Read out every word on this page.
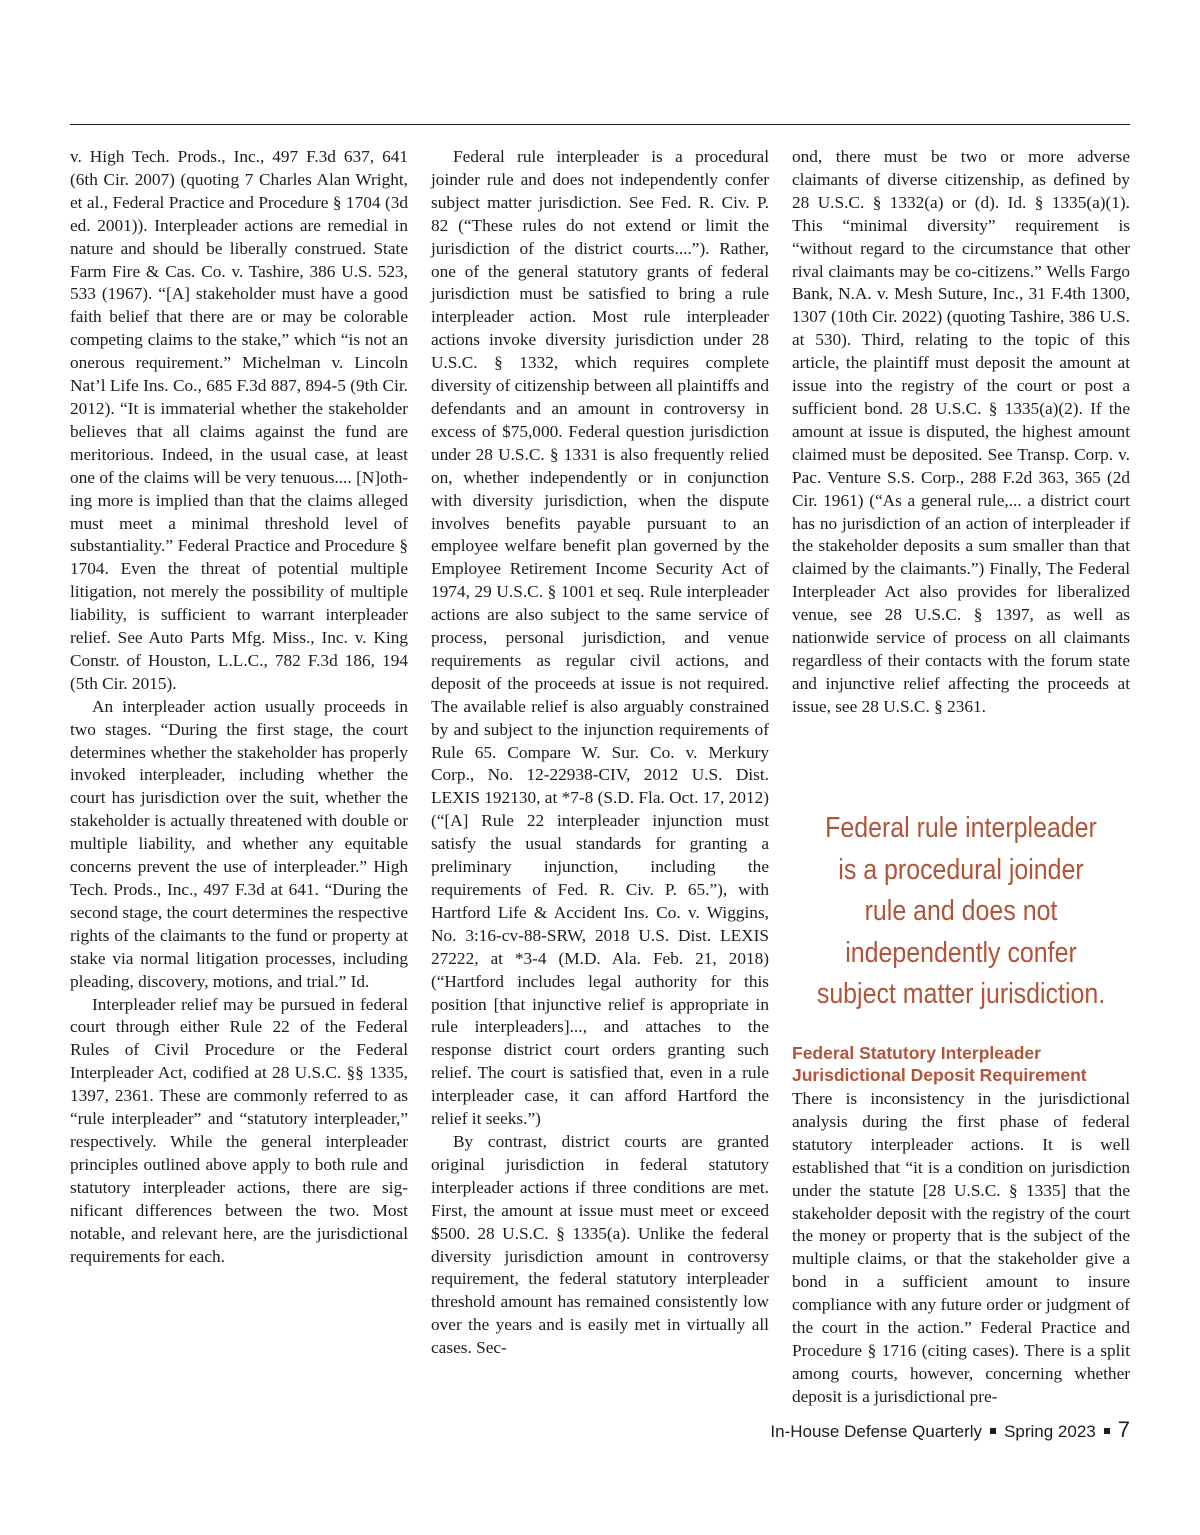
v. High Tech. Prods., Inc., 497 F.3d 637, 641 (6th Cir. 2007) (quoting 7 Charles Alan Wright, et al., Federal Practice and Procedure § 1704 (3d ed. 2001)). Interpleader actions are remedial in nature and should be liberally construed. State Farm Fire & Cas. Co. v. Tashire, 386 U.S. 523, 533 (1967). “[A] stakeholder must have a good faith belief that there are or may be colorable competing claims to the stake,” which “is not an onerous requirement.” Michelman v. Lincoln Nat’l Life Ins. Co., 685 F.3d 887, 894-5 (9th Cir. 2012). “It is immaterial whether the stakeholder believes that all claims against the fund are meritorious. Indeed, in the usual case, at least one of the claims will be very tenuous.... [N]othing more is implied than that the claims alleged must meet a minimal threshold level of substantiality.” Federal Practice and Procedure § 1704. Even the threat of potential multiple litigation, not merely the possibility of multiple liability, is sufficient to warrant interpleader relief. See Auto Parts Mfg. Miss., Inc. v. King Constr. of Houston, L.L.C., 782 F.3d 186, 194 (5th Cir. 2015).

An interpleader action usually proceeds in two stages. “During the first stage, the court determines whether the stakeholder has properly invoked interpleader, including whether the court has jurisdiction over the suit, whether the stakeholder is actually threatened with double or multiple liability, and whether any equitable concerns prevent the use of interpleader.” High Tech. Prods., Inc., 497 F.3d at 641. “During the second stage, the court determines the respective rights of the claimants to the fund or property at stake via normal litigation processes, including pleading, discovery, motions, and trial.” Id.

Interpleader relief may be pursued in federal court through either Rule 22 of the Federal Rules of Civil Procedure or the Federal Interpleader Act, codified at 28 U.S.C. §§ 1335, 1397, 2361. These are commonly referred to as “rule interpleader” and “statutory interpleader,” respectively. While the general interpleader principles outlined above apply to both rule and statutory interpleader actions, there are significant differences between the two. Most notable, and relevant here, are the jurisdictional requirements for each.

Federal rule interpleader is a procedural joinder rule and does not independently confer subject matter jurisdiction. See Fed. R. Civ. P. 82 (“These rules do not extend or limit the jurisdiction of the district courts....”). Rather, one of the general statutory grants of federal jurisdiction must be satisfied to bring a rule interpleader action. Most rule interpleader actions invoke diversity jurisdiction under 28 U.S.C. § 1332, which requires complete diversity of citizenship between all plaintiffs and defendants and an amount in controversy in excess of $75,000. Federal question jurisdiction under 28 U.S.C. § 1331 is also frequently relied on, whether independently or in conjunction with diversity jurisdiction, when the dispute involves benefits payable pursuant to an employee welfare benefit plan governed by the Employee Retirement Income Security Act of 1974, 29 U.S.C. § 1001 et seq. Rule interpleader actions are also subject to the same service of process, personal jurisdiction, and venue requirements as regular civil actions, and deposit of the proceeds at issue is not required. The available relief is also arguably constrained by and subject to the injunction requirements of Rule 65. Compare W. Sur. Co. v. Merkury Corp., No. 12-22938-CIV, 2012 U.S. Dist. LEXIS 192130, at *7-8 (S.D. Fla. Oct. 17, 2012) (“[A] Rule 22 interpleader injunction must satisfy the usual standards for granting a preliminary injunction, including the requirements of Fed. R. Civ. P. 65.”), with Hartford Life & Accident Ins. Co. v. Wiggins, No. 3:16-cv-88-SRW, 2018 U.S. Dist. LEXIS 27222, at *3-4 (M.D. Ala. Feb. 21, 2018) (“Hartford includes legal authority for this position [that injunctive relief is appropriate in rule interpleaders]..., and attaches to the response district court orders granting such relief. The court is satisfied that, even in a rule interpleader case, it can afford Hartford the relief it seeks.”)

By contrast, district courts are granted original jurisdiction in federal statutory interpleader actions if three conditions are met. First, the amount at issue must meet or exceed $500. 28 U.S.C. § 1335(a). Unlike the federal diversity jurisdiction amount in controversy requirement, the federal statutory interpleader threshold amount has remained consistently low over the years and is easily met in virtually all cases. Sec-

ond, there must be two or more adverse claimants of diverse citizenship, as defined by 28 U.S.C. § 1332(a) or (d). Id. § 1335(a)(1). This “minimal diversity” requirement is “without regard to the circumstance that other rival claimants may be co-citizens.” Wells Fargo Bank, N.A. v. Mesh Suture, Inc., 31 F.4th 1300, 1307 (10th Cir. 2022) (quoting Tashire, 386 U.S. at 530). Third, relating to the topic of this article, the plaintiff must deposit the amount at issue into the registry of the court or post a sufficient bond. 28 U.S.C. § 1335(a)(2). If the amount at issue is disputed, the highest amount claimed must be deposited. See Transp. Corp. v. Pac. Venture S.S. Corp., 288 F.2d 363, 365 (2d Cir. 1961) (“As a general rule,... a district court has no jurisdiction of an action of interpleader if the stakeholder deposits a sum smaller than that claimed by the claimants.”) Finally, The Federal Interpleader Act also provides for liberalized venue, see 28 U.S.C. § 1397, as well as nationwide service of process on all claimants regardless of their contacts with the forum state and injunctive relief affecting the proceeds at issue, see 28 U.S.C. § 2361.

Federal rule interpleader
is a procedural joinder
rule and does not
independently confer
subject matter jurisdiction.
Federal Statutory Interpleader
Jurisdictional Deposit Requirement

There is inconsistency in the jurisdictional analysis during the first phase of federal statutory interpleader actions. It is well established that “it is a condition on jurisdiction under the statute [28 U.S.C. § 1335] that the stakeholder deposit with the registry of the court the money or property that is the subject of the multiple claims, or that the stakeholder give a bond in a sufficient amount to insure compliance with any future order or judgment of the court in the action.” Federal Practice and Procedure § 1716 (citing cases). There is a split among courts, however, concerning whether deposit is a jurisdictional pre-

In-House Defense Quarterly Spring 2023 7
